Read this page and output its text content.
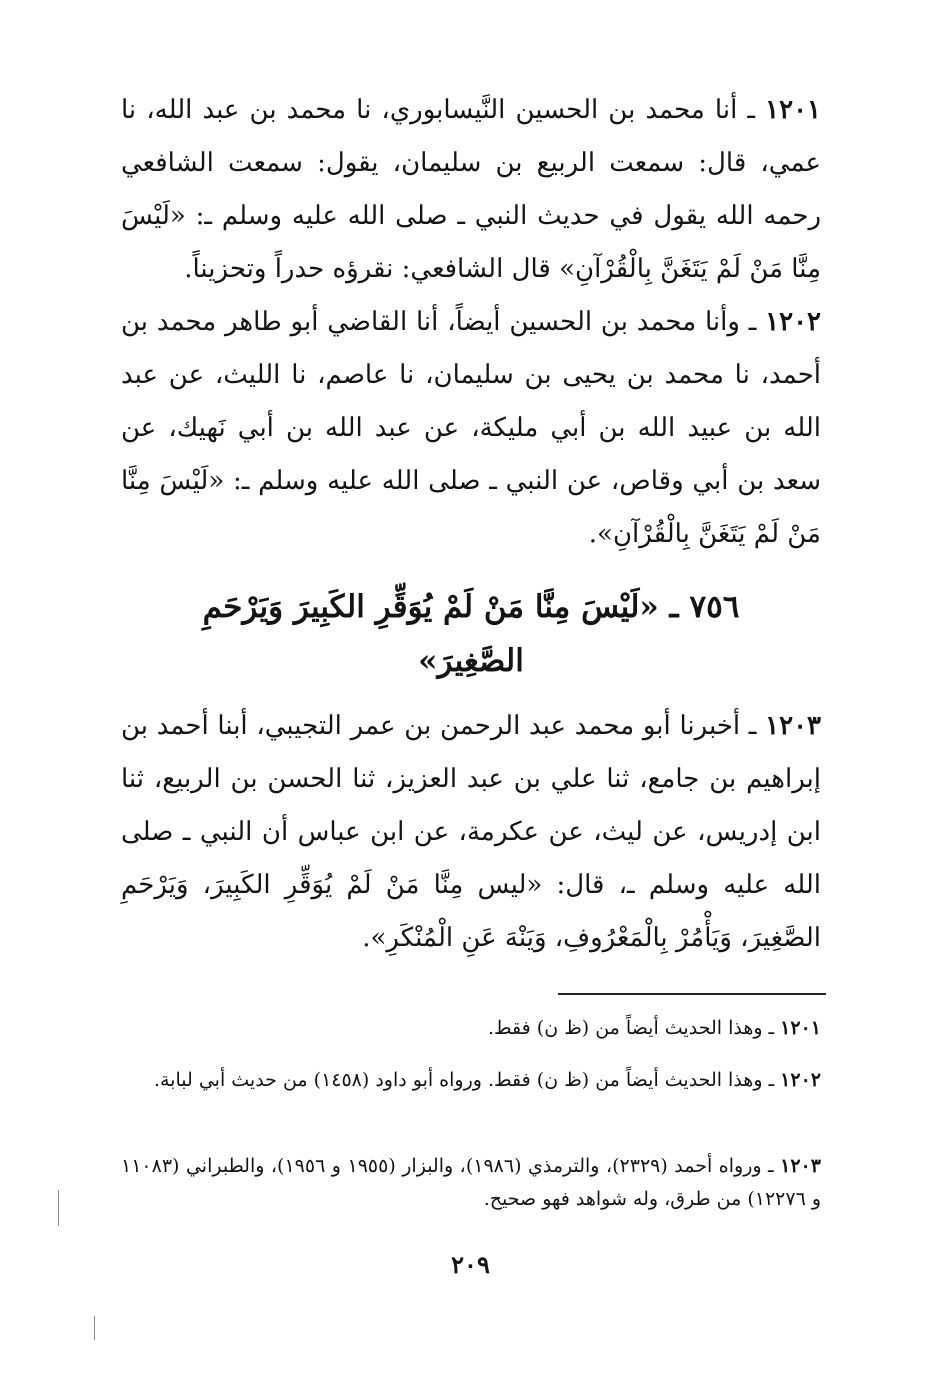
١٢٠١ ـ أنا محمد بن الحسين النَّيسابوري، نا محمد بن عبد الله، نا عمي، قال: سمعت الربيع بن سليمان، يقول: سمعت الشافعي رحمه الله يقول في حديث النبي ـ صلى الله عليه وسلم ـ: «لَيْسَ مِنَّا مَنْ لَمْ يَتَغَنَّ بِالْقُرْآنِ» قال الشافعي: نقرؤه حدراً وتحزيناً.

١٢٠٢ ـ وأنا محمد بن الحسين أيضاً، أنا القاضي أبو طاهر محمد بن أحمد، نا محمد بن يحيى بن سليمان، نا عاصم، نا الليث، عن عبد الله بن عبيد الله بن أبي مليكة، عن عبد الله بن أبي نَهيك، عن سعد بن أبي وقاص، عن النبي ـ صلى الله عليه وسلم ـ: «لَيْسَ مِنَّا مَنْ لَمْ يَتَغَنَّ بِالْقُرْآنِ».

٧٥٦ ـ «لَيْسَ مِنَّا مَنْ لَمْ يُوَقِّرِ الكَبِيرَ وَيَرْحَمِ
الصَّغِيرَ»

١٢٠٣ ـ أخبرنا أبو محمد عبد الرحمن بن عمر التجيبي، أبنا أحمد بن إبراهيم بن جامع، ثنا علي بن عبد العزيز، ثنا الحسن بن الربيع، ثنا ابن إدريس، عن ليث، عن عكرمة، عن ابن عباس أن النبي ـ صلى الله عليه وسلم ـ، قال: «ليس مِنَّا مَنْ لَمْ يُوَقِّرِ الكَبِيرَ، وَيَرْحَمِ الصَّغِيرَ، وَيَأْمُرْ بِالْمَعْرُوفِ، وَيَنْهَ عَنِ الْمُنْكَرِ».

١٢٠١ ـ وهذا الحديث أيضاً من (ظ ن) فقط.

١٢٠٢ ـ وهذا الحديث أيضاً من (ظ ن) فقط. ورواه أبو داود (١٤٥٨) من حديث أبي لبابة.

١٢٠٣ ـ ورواه أحمد (٢٣٢٩)، والترمذي (١٩٨٦)، والبزار (١٩٥٥ و ١٩٥٦)، والطبراني (١١٠٨٣ و ١٢٢٧٦) من طرق، وله شواهد فهو صحيح.

٢٠٩
